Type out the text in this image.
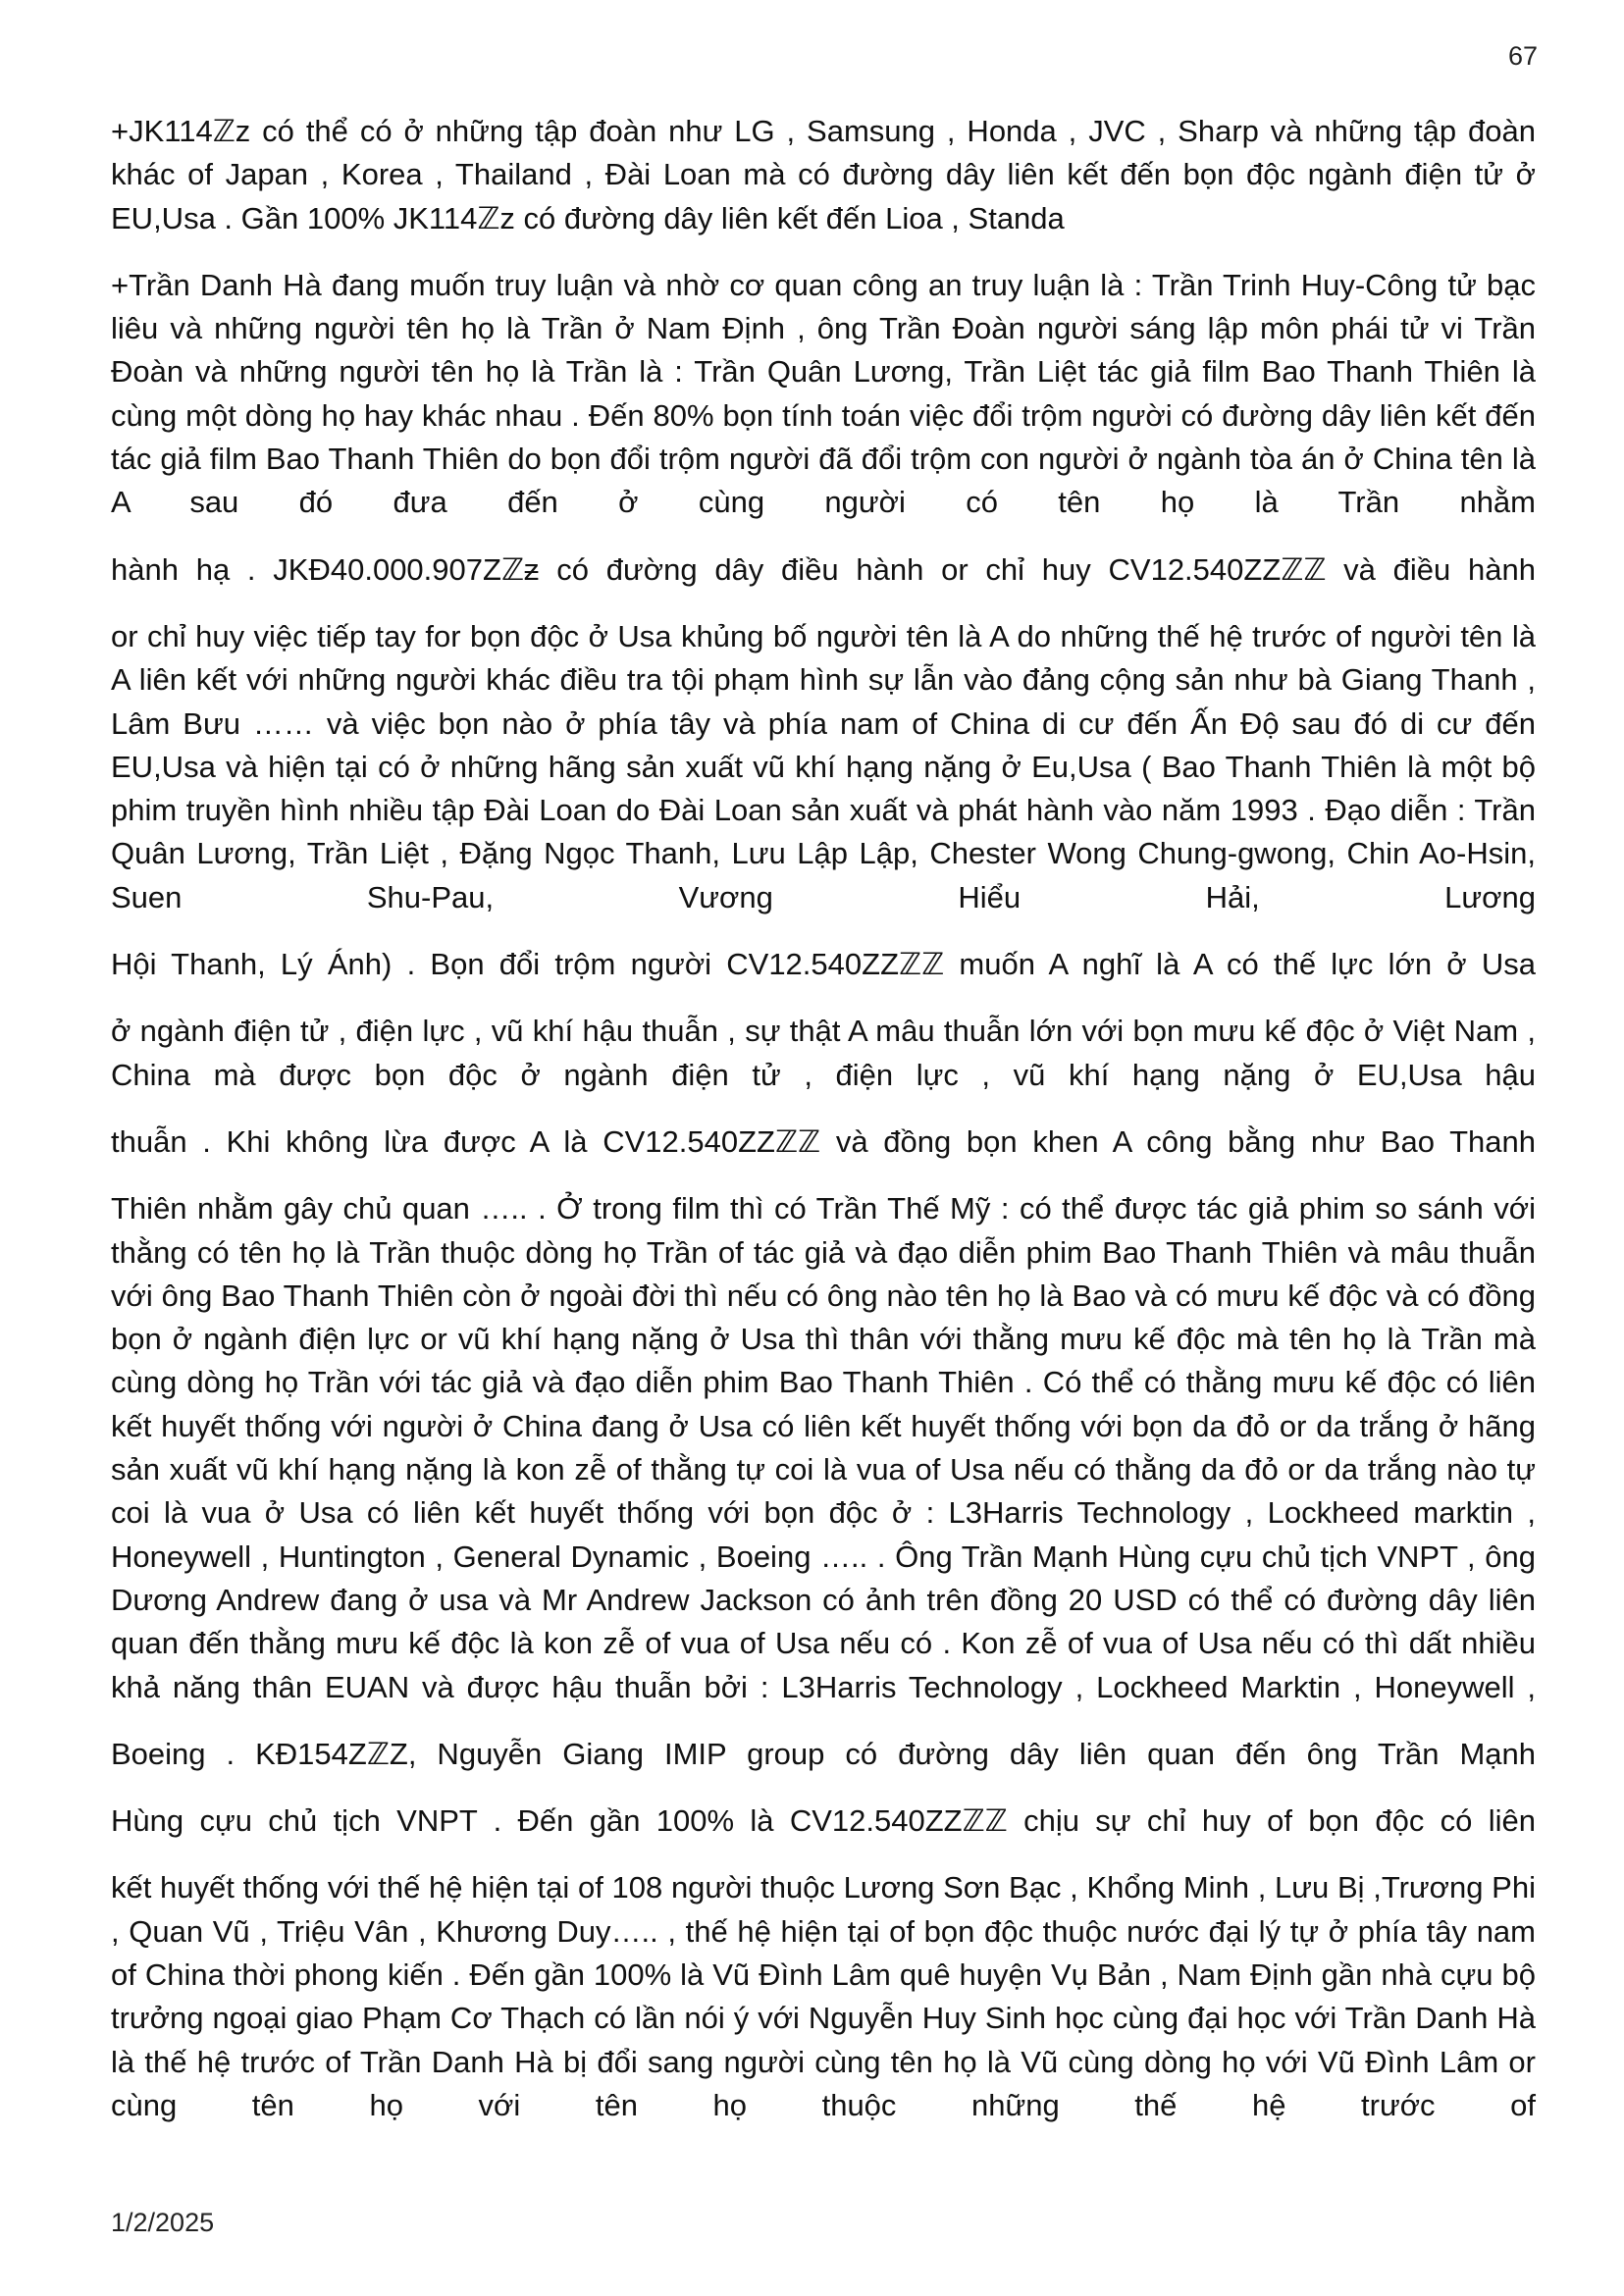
67

+JK114ℤz có thể có ở những tập đoàn như LG , Samsung , Honda , JVC , Sharp và những tập đoàn khác of Japan , Korea , Thailand , Đài Loan mà có đường dây liên kết đến bọn độc ngành điện tử ở EU,Usa . Gần 100% JK114ℤz có đường dây liên kết đến Lioa , Standa

+Trần Danh Hà đang muốn truy luận và nhờ cơ quan công an truy luận là : Trần Trinh Huy-Công tử bạc liêu và những người tên họ là Trần ở Nam Định , ông Trần Đoàn người sáng lập môn phái tử vi Trần Đoàn và những người tên họ là Trần là : Trần Quân Lương, Trần Liệt tác giả film Bao Thanh Thiên là cùng một dòng họ hay khác nhau . Đến 80% bọn tính toán việc đổi trộm người có đường dây liên kết đến tác giả film Bao Thanh Thiên do bọn đổi trộm người đã đổi trộm con người ở ngành tòa án ở China tên là A sau đó đưa đến ở cùng người có tên họ là Trần nhằm

hành hạ . JKĐ40.000.907Zℤƶ có đường dây điều hành or chỉ huy CV12.540ZZℤℤ và điều hành

or chỉ huy việc tiếp tay for bọn độc ở Usa khủng bố người tên là A do những thế hệ trước of người tên là A liên kết với những người khác điều tra tội phạm hình sự lẫn vào đảng cộng sản như bà Giang Thanh , Lâm Bưu …… và việc bọn nào ở phía tây và phía nam of China di cư đến Ấn Độ sau đó di cư đến EU,Usa và hiện tại có ở những hãng sản xuất vũ khí hạng nặng ở Eu,Usa ( Bao Thanh Thiên là một bộ phim truyền hình nhiều tập Đài Loan do Đài Loan sản xuất và phát hành vào năm 1993 . Đạo diễn : Trần Quân Lương, Trần Liệt , Đặng Ngọc Thanh, Lưu Lập Lập, Chester Wong Chung-gwong, Chin Ao-Hsin, Suen Shu-Pau, Vương Hiểu Hải, Lương

Hội Thanh, Lý Ánh) . Bọn đổi trộm người CV12.540ZZℤℤ muốn A nghĩ là A có thế lực lớn ở Usa

ở ngành điện tử , điện lực , vũ khí hậu thuẫn , sự thật A mâu thuẫn lớn với bọn mưu kế độc ở Việt Nam , China mà được bọn độc ở ngành điện tử , điện lực , vũ khí hạng nặng ở EU,Usa hậu

thuẫn . Khi không lừa được A là CV12.540ZZℤℤ và đồng bọn khen A công bằng như Bao Thanh

Thiên nhằm gây chủ quan ….. . Ở trong film thì có Trần Thế Mỹ : có thể được tác giả phim so sánh với thằng có tên họ là Trần thuộc dòng họ Trần of tác giả và đạo diễn phim Bao Thanh Thiên và mâu thuẫn với ông Bao Thanh Thiên còn ở ngoài đời thì nếu có ông nào tên họ là Bao và có mưu kế độc và có đồng bọn ở ngành điện lực or vũ khí hạng nặng ở Usa thì thân với thằng mưu kế độc mà tên họ là Trần mà cùng dòng họ Trần với tác giả và đạo diễn phim Bao Thanh Thiên . Có thể có thằng mưu kế độc có liên kết huyết thống với người ở China đang ở Usa có liên kết huyết thống với bọn da đỏ or da trắng ở hãng sản xuất vũ khí hạng nặng là kon zễ of thằng tự coi là vua of Usa nếu có thằng da đỏ or da trắng nào tự coi là vua ở Usa có liên kết huyết thống với bọn độc ở : L3Harris Technology , Lockheed marktin , Honeywell , Huntington , General Dynamic , Boeing ….. . Ông Trần Mạnh Hùng cựu chủ tịch VNPT , ông Dương Andrew đang ở usa và Mr Andrew Jackson có ảnh trên đồng 20 USD có thể có đường dây liên quan đến thằng mưu kế độc là kon zễ of vua of Usa nếu có . Kon zễ of vua of Usa nếu có thì dất nhiều khả năng thân EUAN và được hậu thuẫn bởi : L3Harris Technology , Lockheed Marktin , Honeywell ,

Boeing . KĐ154ZℤZ, Nguyễn Giang IMIP group có đường dây liên quan đến ông Trần Mạnh

Hùng cựu chủ tịch VNPT . Đến gần 100% là CV12.540ZZℤℤ chịu sự chỉ huy of bọn độc có liên

kết huyết thống với thế hệ hiện tại of 108 người thuộc Lương Sơn Bạc , Khổng Minh , Lưu Bị ,Trương Phi , Quan Vũ , Triệu Vân , Khương Duy….. , thế hệ hiện tại of bọn độc thuộc nước đại lý tự ở phía tây nam of China thời phong kiến . Đến gần 100% là Vũ Đình Lâm quê huyện Vụ Bản , Nam Định gần nhà cựu bộ trưởng ngoại giao Phạm Cơ Thạch có lần nói ý với Nguyễn Huy Sinh học cùng đại học với Trần Danh Hà là thế hệ trước of Trần Danh Hà bị đổi sang người cùng tên họ là Vũ cùng dòng họ với Vũ Đình Lâm or cùng tên họ với tên họ thuộc những thế hệ trước of

1/2/2025
